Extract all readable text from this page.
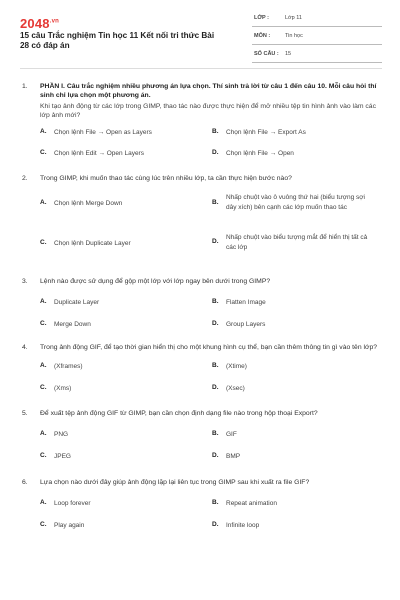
$2048^{.vn}$
15 câu Trắc nghiệm Tin học 11 Kết nối tri thức Bài 28 có đáp án
LỚP :	Lớp 11
MÔN :	Tin học
SỐ CÂU : 15
1. PHẦN I. Câu trắc nghiệm nhiều phương án lựa chọn. Thí sinh trả lời từ câu 1 đến câu 10. Mỗi câu hỏi thí sinh chỉ lựa chọn một phương án.
Khi tạo ảnh động từ các lớp trong GIMP, thao tác nào được thực hiện để mở nhiều tệp tin hình ảnh vào làm các lớp ảnh mới?
A.	Chọn lệnh File → Open as Layers	B.	Chọn lệnh File → Export As
C.	Chọn lệnh Edit → Open Layers	D.	Chọn lệnh File → Open
2. Trong GIMP, khi muốn thao tác cùng lúc trên nhiều lớp, ta cần thực hiện bước nào?
A.	Chọn lệnh Merge Down	B.
Nhấp chuột vào ô vuông thứ hai (biểu tượng sợi dây xích) bên cạnh các lớp muốn thao tác
C.	Chọn lệnh Duplicate Layer	D.
Nhấp chuột vào biểu tượng mắt để hiển thị tất cả các lớp
3. Lệnh nào được sử dụng để gộp một lớp với lớp ngay bên dưới trong GIMP?
A.	Duplicate Layer	B.	Flatten Image
C.	Merge Down	D.	Group Layers
4. Trong ảnh động GIF, để tạo thời gian hiển thị cho một khung hình cụ thể, bạn cần thêm thông tin gì vào tên lớp?
A.	(Xframes)	B.	(Xtime)
C.	(Xms)	D.	(Xsec)
5. Để xuất tệp ảnh động GIF từ GIMP, bạn cần chọn định dạng file nào trong hộp thoại Export?
A.	PNG	B.	GIF
C.	JPEG	D.	BMP
6. Lựa chọn nào dưới đây giúp ảnh động lặp lại liên tục trong GIMP sau khi xuất ra file GIF?
A.	Loop forever	B.	Repeat animation
C.	Play again	D.	Infinite loop
